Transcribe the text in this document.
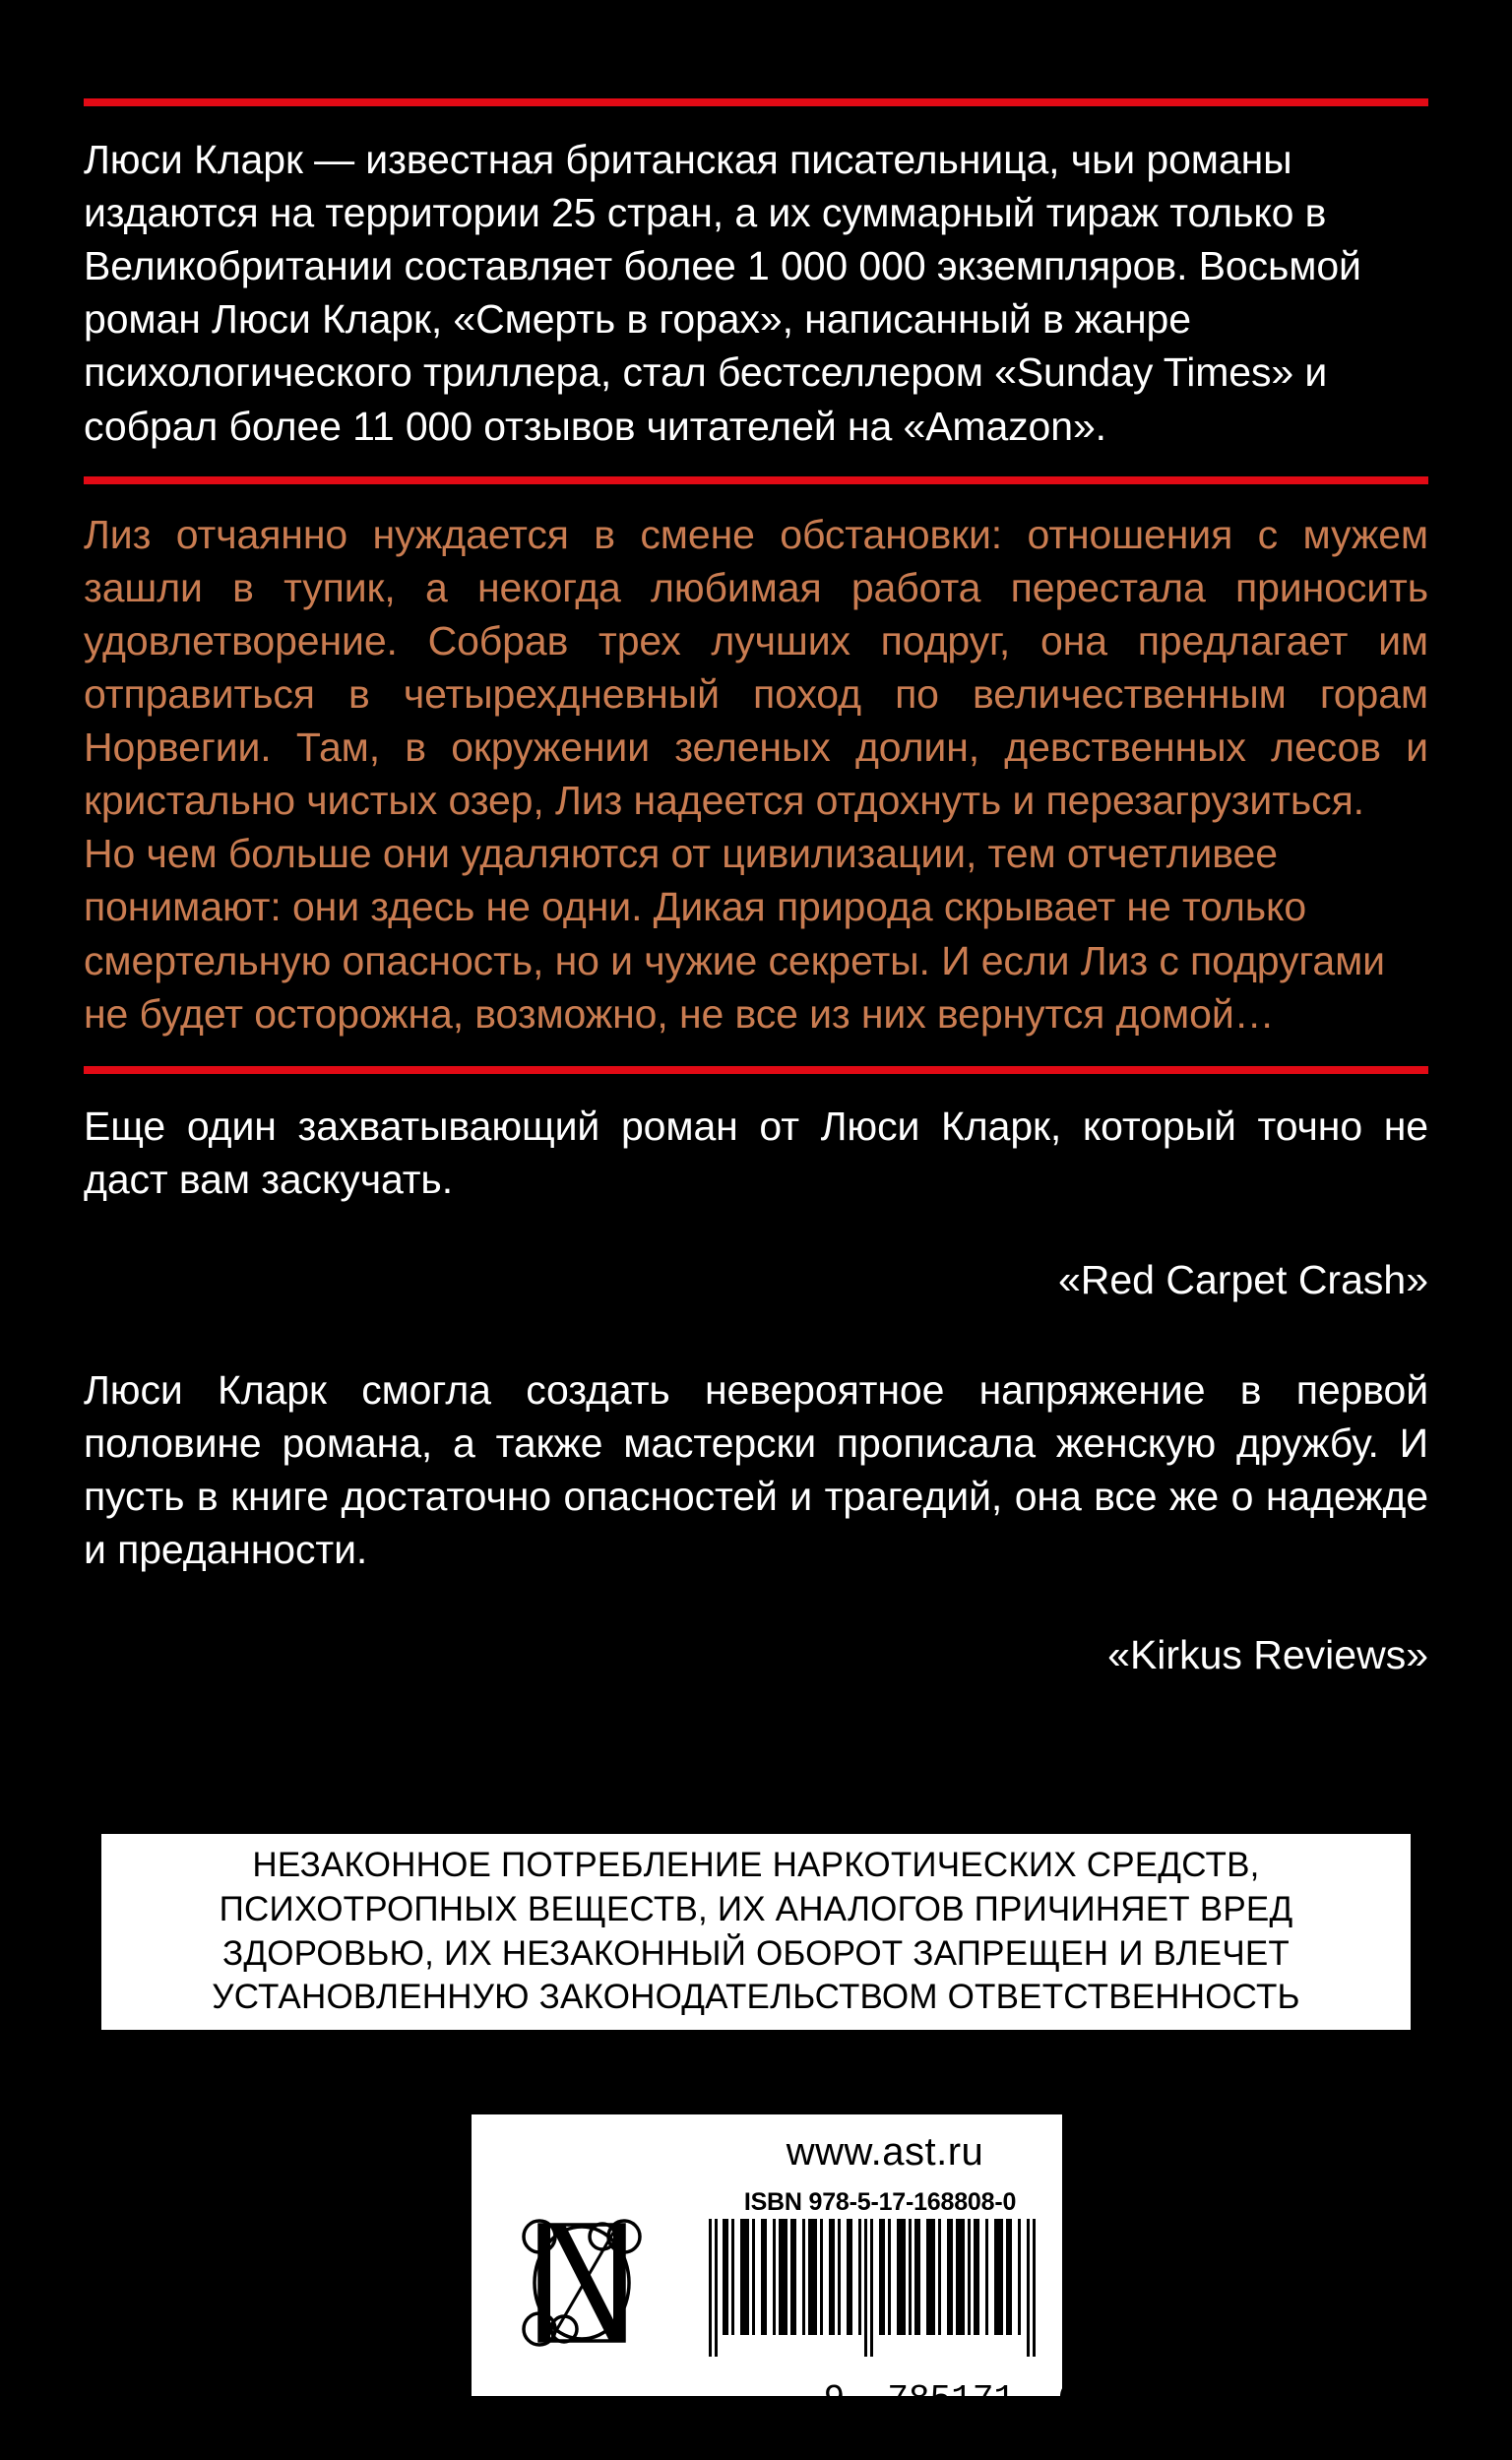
Люси Кларк — известная британская писательница, чьи романы издаются на территории 25 стран, а их суммарный тираж только в Великобритании составляет более 1 000 000 экземпляров. Восьмой роман Люси Кларк, «Смерть в горах», написанный в жанре психологического триллера, стал бестселлером «Sunday Times» и собрал более 11 000 отзывов читателей на «Amazon».

Лиз отчаянно нуждается в смене обстановки: отношения с мужем зашли в тупик, а некогда любимая работа перестала приносить удовлетворение. Собрав трех лучших подруг, она предлагает им отправиться в четырехдневный поход по величественным горам Норвегии. Там, в окружении зеленых долин, девственных лесов и кристально чистых озер, Лиз надеется отдохнуть и перезагрузиться.

Но чем больше они удаляются от цивилизации, тем отчетливее понимают: они здесь не одни. Дикая природа скрывает не только смертельную опасность, но и чужие секреты. И если Лиз с подругами не будет осторожна, возможно, не все из них вернутся домой…

Еще один захватывающий роман от Люси Кларк, который точно не даст вам заскучать.

«Red Carpet Crash»

Люси Кларк смогла создать невероятное напряжение в первой половине романа, а также мастерски прописала женскую дружбу. И пусть в книге достаточно опасностей и трагедий, она все же о надежде и преданности.

«Kirkus Reviews»

НЕЗАКОННОЕ ПОТРЕБЛЕНИЕ НАРКОТИЧЕСКИХ СРЕДСТВ,
ПСИХОТРОПНЫХ ВЕЩЕСТВ, ИХ АНАЛОГОВ ПРИЧИНЯЕТ ВРЕД
ЗДОРОВЬЮ, ИХ НЕЗАКОННЫЙ ОБОРОТ ЗАПРЕЩЕН И ВЛЕЧЕТ
УСТАНОВЛЕННУЮ ЗАКОНОДАТЕЛЬСТВОМ ОТВЕТСТВЕННОСТЬ
www.ast.ru
ISBN 978-5-17-168808-0

9  785171  688080>
